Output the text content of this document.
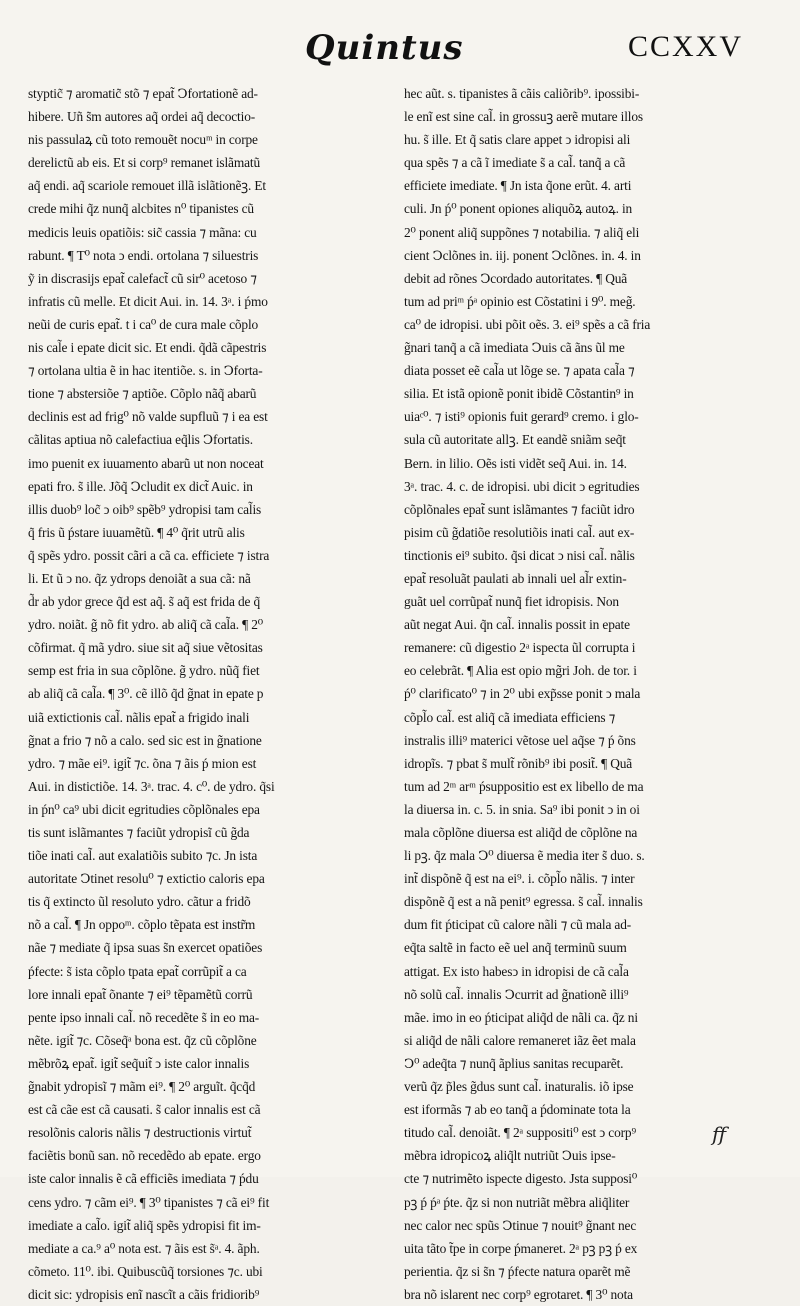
Quintus	CCXXV
styptic̃ ⁊ aromatic̃ stõ ⁊ epat̃ Ↄfortationẽ ad-
hibere. Uñ s̃m autores aq̃ ordei aq̃ decoctio-
nis passulaꝝ cũ toto remouẽt nocuᵐ in corpe
derelictũ ab eis. Et si corp⁹ remanet islãmatũ
aq̃ endi. aq̃ scariole remouet illã islãtionẽꝫ. Et
crede mihi q̃z nunq̃ alcbites n⁰ tipanistes cũ
medicis leuis opatiõis: sic̃ cassia ⁊ mãna: cu
rabunt. ¶ T⁰ nota ↄ endi. ortolana ⁊ siluestris
ỹ in discrasijs epat̃ calefact̃ cũ sir⁰ acetoso ⁊
infratis cũ melle. Et dicit Aui. in. 14. 3ᵃ. i ṕmo
neũi de curis epat̃. t i ca⁰ de cura male cõplo
nis cal̃e i epate dicit sic. Et endi. q̃dã cãpestris
⁊ ortolana ultia ẽ in hac itentiõe. s. in Ↄforta-
tione ⁊ abstersiõe ⁊ aptiõe. Cõplo nãq̃ abarũ
declinis est ad frig⁰ nõ valde supfluũ ⁊ i ea est
cãlitas aptiua nõ calefactiua eq̃lis Ↄfortatis.
imo puenit ex iuuamento abarũ ut non noceat
epati fro. s̃ ille. Jõq̃ Ↄcludit ex dict̃ Auic. in
illis duob⁹ loc̃ ↄ oib⁹ spẽb⁹ ydropisi tam cal̃is
q̃ fris ũ ṕstare iuuamẽtũ. ¶ 4⁰ q̃rit utrũ alis
q̃ spẽs ydro. possit cãri a cã ca. efficiete ⁊ istra
li. Et ũ ↄ no. q̃z ydrops denoiãt a sua cã: nã
d̃r ab ydor grece q̃d est aq̃. s̃ aq̃ est frida de q̃
ydro. noiãt. g̃ nõ fit ydro. ab aliq̃ cã cal̃a. ¶ 2⁰
cõfirmat. q̃ mã ydro. siue sit aq̃ siue vẽtositas
semp est fria in sua cõplõne. g̃ ydro. nũq̃ fiet
ab aliq̃ cã cal̃a. ¶ 3⁰. cẽ illõ q̃d g̃nat in epate p
uiã extictionis cal̃. nãlis epat̃ a frigido inali
g̃nat a frio ⁊ nõ a calo. sed sic est in g̃natione
ydro. ⁊ mãe ei⁹. igit̃ ⁊c. õna ⁊ ãis ṕ mion est
Aui. in distictiõe. 14. 3ᵃ. trac. 4. c⁰. de ydro. q̃si
in ṕn⁰ ca⁹ ubi dicit egritudies cõplõnales epa
tis sunt islãmantes ⁊ faciũt ydropisĩ cũ g̃da
tiõe inati cal̃. aut exalatiõis subito ⁊c. Jn ista
autoritate Ↄtinet resolu⁰ ⁊ extictio caloris epa
tis q̃ extincto ũl resoluto ydro. cãtur a fridõ
nõ a cal̃. ¶ Jn oppoᵐ. cõplo tẽpata est instr̃m
nãe ⁊ mediate q̃ ipsa suas s̃n exercet opatiões
ṕfecte: s̃ ista cõplo tpata epat̃ corrũpit̃ a ca
lore innali epat̃ õnante ⁊ ei⁹ tẽpamẽtũ corrũ
pente ipso innali cal̃. nõ recedẽte s̃ in eo ma-
nẽte. igit̃ ⁊c. Cõseq̃ᵃ bona est. q̃z cũ cõplõne
mẽbrõꝝ epat̃. igit̃ seq̃uit̃ ↄ iste calor innalis
g̃nabit ydropisĩ ⁊ mãm ei⁹. ¶ 2⁰ arguĩt. q̃cq̃d
est cã cãe est cã causati. s̃ calor innalis est cã
resolõnis caloris nãlis ⁊ destructionis virtut̃
faciẽtis bonũ san. nõ recedẽdo ab epate. ergo
iste calor innalis ẽ cã efficiẽs imediata ⁊ ṕdu
cens ydro. ⁊ cãm ei⁹. ¶ 3⁰ tipanistes ⁊ cã ei⁹ fit
imediate a cal̃o. igit̃ aliq̃ spẽs ydropisi fit im-
mediate a ca.⁹ a⁰ nota est. ⁊ ãis est s̃ᵃ. 4. ãph.
cõmeto. 11⁰. ibi. Quibuscũq̃ torsiones ⁊c. ubi
dicit sic: ydropisis enĩ nascĩt a cãis fridiorib⁹
hec aũt. s. tipanistes ã cãis caliõrib⁹. ipossibi-
le enĩ est sine cal̃. in grossuꝫ aerẽ mutare illos
hu. s̃ ille. Et q̃ satis clare appet ↄ idropisi ali
qua spẽs ⁊ a cã ĩ imediate s̃ a cal̃. tanq̃ a cã
efficiete imediate. ¶ Jn ista q̃one erũt. 4. arti
culi. Jn ṕ⁰ ponent opiones aliquõꝝ autoꝝ. in
2⁰ ponent aliq̃ suppõnes ⁊ notabilia. ⁊ aliq̃ eli
cient Ↄclõnes in. iij. ponent Ↄclõnes. in. 4. in
debit ad rõnes Ↄcordado autoritates. ¶ Quã
tum ad priᵐ ṕᵃ opinio est Cõstatini i 9⁰. meg̃.
ca⁰ de idropisi. ubi põit oẽs. 3. ei⁹ spẽs a cã fria
g̃nari tanq̃ a cã imediata Ↄuis cã ãns ũl me
diata posset eẽ cal̃a ut lõge se. ⁊ apata cal̃a ⁊
silia. Et istã opionẽ ponit ibidẽ Cõstantin⁹ in
uiaᶜ⁰. ⁊ isti⁹ opionis fuit gerard⁹ cremo. i glo-
sula cũ autoritate allꝫ. Et eandẽ sniãm seq̃t
Bern. in lilio. Oẽs isti vidẽt seq̃ Aui. in. 14.
3ᵃ. trac. 4. c. de idropisi. ubi dicit ↄ egritudies
cõplõnales epat̃ sunt islãmantes ⁊ faciũt idro
pisim cũ g̃datiõe resolutiõis inati cal̃. aut ex-
tinctionis ei⁹ subito. q̃si dicat ↄ nisi cal̃. nãlis
epat̃ resoluãt paulati ab innali uel al̃r extin-
guãt uel corrũpat̃ nunq̃ fiet idropisis. Non
aũt negat Aui. q̃n cal̃. innalis possit in epate
remanere: cũ digestio 2ᵃ ispecta ũl corrupta i
eo celebrãt. ¶ Alia est opio mg̃ri Joh. de tor. i
ṕ⁰ clarificato⁰ ⁊ in 2⁰ ubi exp̃sse ponit ↄ mala
cõpl̃o cal̃. est aliq̃ cã imediata efficiens ⁊
instralis illi⁹ materici vẽtose uel aq̃se ⁊ ṕ õns
idropĩs. ⁊ pbat s̃ mult̃ rõnib⁹ ibi posit̃. ¶ Quã
tum ad 2ᵐ arᵐ ṕsuppositio est ex libello de ma
la diuersa in. c. 5. in snia. Sa⁹ ibi ponit ↄ in oi
mala cõplõne diuersa est aliq̃d de cõplõne na
li pꝫ. q̃z mala Ↄ⁰ diuersa ẽ media iter s̃ duo. s.
int̃ dispõnẽ q̃ est na ei⁹. i. cõpl̃o nãlis. ⁊ inter
dispõnẽ q̃ est a nã penit⁹ egressa. s̃ cal̃. innalis
dum fit ṕticipat cũ calore nãli ⁊ cũ mala ad-
eq̃ta saltẽ in facto eẽ uel anq̃ terminũ suum
attigat. Ex isto habesↄ in idropisi de cã cal̃a
nõ solũ cal̃. innalis Ↄcurrit ad g̃nationẽ illi⁹
mãe. imo in eo ṕticipat aliq̃d de nãli ca. q̃z ni
si aliq̃d de nãli calore remaneret iãz ẽet mala
Ↄ⁰ adeq̃ta ⁊ nunq̃ ãplius sanitas recuparẽt.
verũ q̃z p̃les g̃dus sunt cal̃. inaturalis. iõ ipse
est iformãs ⁊ ab eo tanq̃ a ṕdominate tota la
titudo cal̃. denoiãt. ¶ 2ᵃ suppositi⁰ est ↄ corp⁹
mẽbra idropicoꝝ aliq̃lt nutriũt Ↄuis ipse-
cte ⁊ nutrimẽto ispecte digesto. Jsta supposi⁰
pꝫ ṕ ṕᵃ ṕte. q̃z si non nutriãt mẽbra aliq̃liter
nec calor nec spũs Ↄtinue ⁊ nouit⁹ g̃nant nec
uita tãto t̃pe in corpe ṕmaneret. 2ᵃ pꝫ pꝫ ṕ ex
perientia. q̃z si s̃n ⁊ ṕfecte natura oparẽt mẽ
bra nõ islarent nec corp⁹ egrotaret. ¶ 3⁰ nota
ff
